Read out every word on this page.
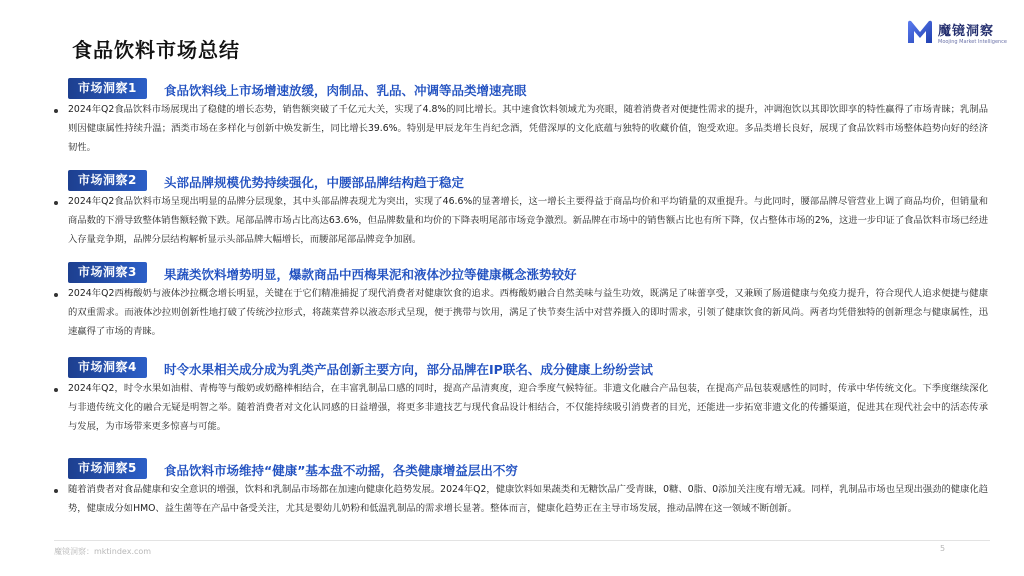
食品饮料市场总结
魔镜洞察
Moojing Market Intelligence
市场洞察1	食品饮料线上市场增速放缓，肉制品、乳品、冲调等品类增速亮眼
2024年Q2食品饮料市场展现出了稳健的增长态势，销售额突破了千亿元大关，实现了4.8%的同比增长。其中速食饮料领域尤为亮眼，随着消费者对便捷性需求的提升，冲调泡饮以其即饮即享的特性赢得了市场青睐；乳制品则因健康属性持续升温；酒类市场在多样化与创新中焕发新生，同比增长39.6%。特别是甲辰龙年生肖纪念酒，凭借深厚的文化底蕴与独特的收藏价值，饱受欢迎。多品类增长良好，展现了食品饮料市场整体趋势向好的经济韧性。
市场洞察2	头部品牌规模优势持续强化，中腰部品牌结构趋于稳定
2024年Q2食品饮料市场呈现出明显的品牌分层现象，其中头部品牌表现尤为突出，实现了46.6%的显著增长，这一增长主要得益于商品均价和平均销量的双重提升。与此同时，腰部品牌尽管营业上调了商品均价，但销量和商品数的下滑导致整体销售额轻微下跌。尾部品牌市场占比高达63.6%，但品牌数量和均价的下降表明尾部市场竞争激烈。新品牌在市场中的销售额占比也有所下降，仅占整体市场的2%，这进一步印证了食品饮料市场已经进入存量竞争期，品牌分层结构解析显示头部品牌大幅增长，而腰部尾部品牌竞争加剧。
市场洞察3	果蔬类饮料增势明显，爆款商品中西梅果泥和液体沙拉等健康概念涨势较好
2024年Q2西梅酸奶与液体沙拉概念增长明显，关键在于它们精准捕捉了现代消费者对健康饮食的追求。西梅酸奶融合自然美味与益生功效，既满足了味蕾享受，又兼顾了肠道健康与免疫力提升，符合现代人追求便捷与健康的双重需求。而液体沙拉则创新性地打破了传统沙拉形式，将蔬菜营养以液态形式呈现，便于携带与饮用，满足了快节奏生活中对营养摄入的即时需求，引领了健康饮食的新风尚。两者均凭借独特的创新理念与健康属性，迅速赢得了市场的青睐。
市场洞察4	时令水果相关成分成为乳类产品创新主要方向，部分品牌在IP联名、成分健康上纷纷尝试
2024年Q2，时令水果如油柑、青梅等与酸奶或奶酪棒相结合，在丰富乳制品口感的同时，提高产品清爽度，迎合季度气候特征。非遗文化融合产品包装，在提高产品包装观感性的同时，传承中华传统文化。下季度继续深化与非遗传统文化的融合无疑是明智之举。随着消费者对文化认同感的日益增强，将更多非遗技艺与现代食品设计相结合，不仅能持续吸引消费者的目光，还能进一步拓宽非遗文化的传播渠道，促进其在现代社会中的活态传承与发展，为市场带来更多惊喜与可能。
市场洞察5	食品饮料市场维持“健康”基本盘不动摇，各类健康增益层出不穷
随着消费者对食品健康和安全意识的增强，饮料和乳制品市场都在加速向健康化趋势发展。2024年Q2，健康饮料如果蔬类和无糖饮品广受青睐，0糖、0脂、0添加关注度有增无减。同样，乳制品市场也呈现出强劲的健康化趋势，健康成分如HMO、益生菌等在产品中备受关注，尤其是婴幼儿奶粉和低温乳制品的需求增长显著。整体而言，健康化趋势正在主导市场发展，推动品牌在这一领域不断创新。
魔镜洞察：mktindex.com	5
